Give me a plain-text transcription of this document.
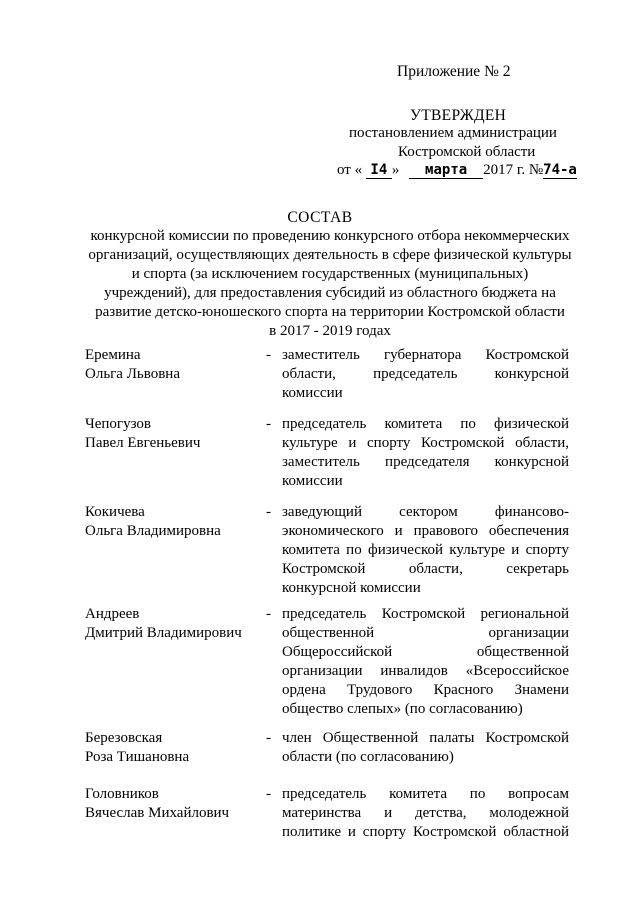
Приложение № 2
УТВЕРЖДЕН
постановлением администрации
Костромской области
от « I4 » марта 2017 г. №74-а
СОСТАВ
конкурсной комиссии по проведению конкурсного отбора некоммерческих
организаций, осуществляющих деятельность в сфере физической культуры
и спорта (за исключением государственных (муниципальных)
учреждений), для предоставления субсидий из областного бюджета на
развитие детско-юношеского спорта на территории Костромской области
в 2017 - 2019 годах
Еремина
Ольга Львовна
- заместитель губернатора Костромской
области, председатель конкурсной
комиссии
Чепогузов
Павел Евгеньевич
- председатель комитета по физической
культуре и спорту Костромской области,
заместитель председателя конкурсной
комиссии
Кокичева
Ольга Владимировна
- заведующий сектором финансово-
экономического и правового обеспечения
комитета по физической культуре и спорту
Костромской области, секретарь
конкурсной комиссии
Андреев
Дмитрий Владимирович
- председатель Костромской региональной
общественной организации
Общероссийской общественной
организации инвалидов «Всероссийское
ордена Трудового Красного Знамени
общество слепых» (по согласованию)
Березовская
Роза Тишановна
- член Общественной палаты Костромской
области (по согласованию)
Головников
Вячеслав Михайлович
- председатель комитета по вопросам
материнства и детства, молодежной
политике и спорту Костромской областной
